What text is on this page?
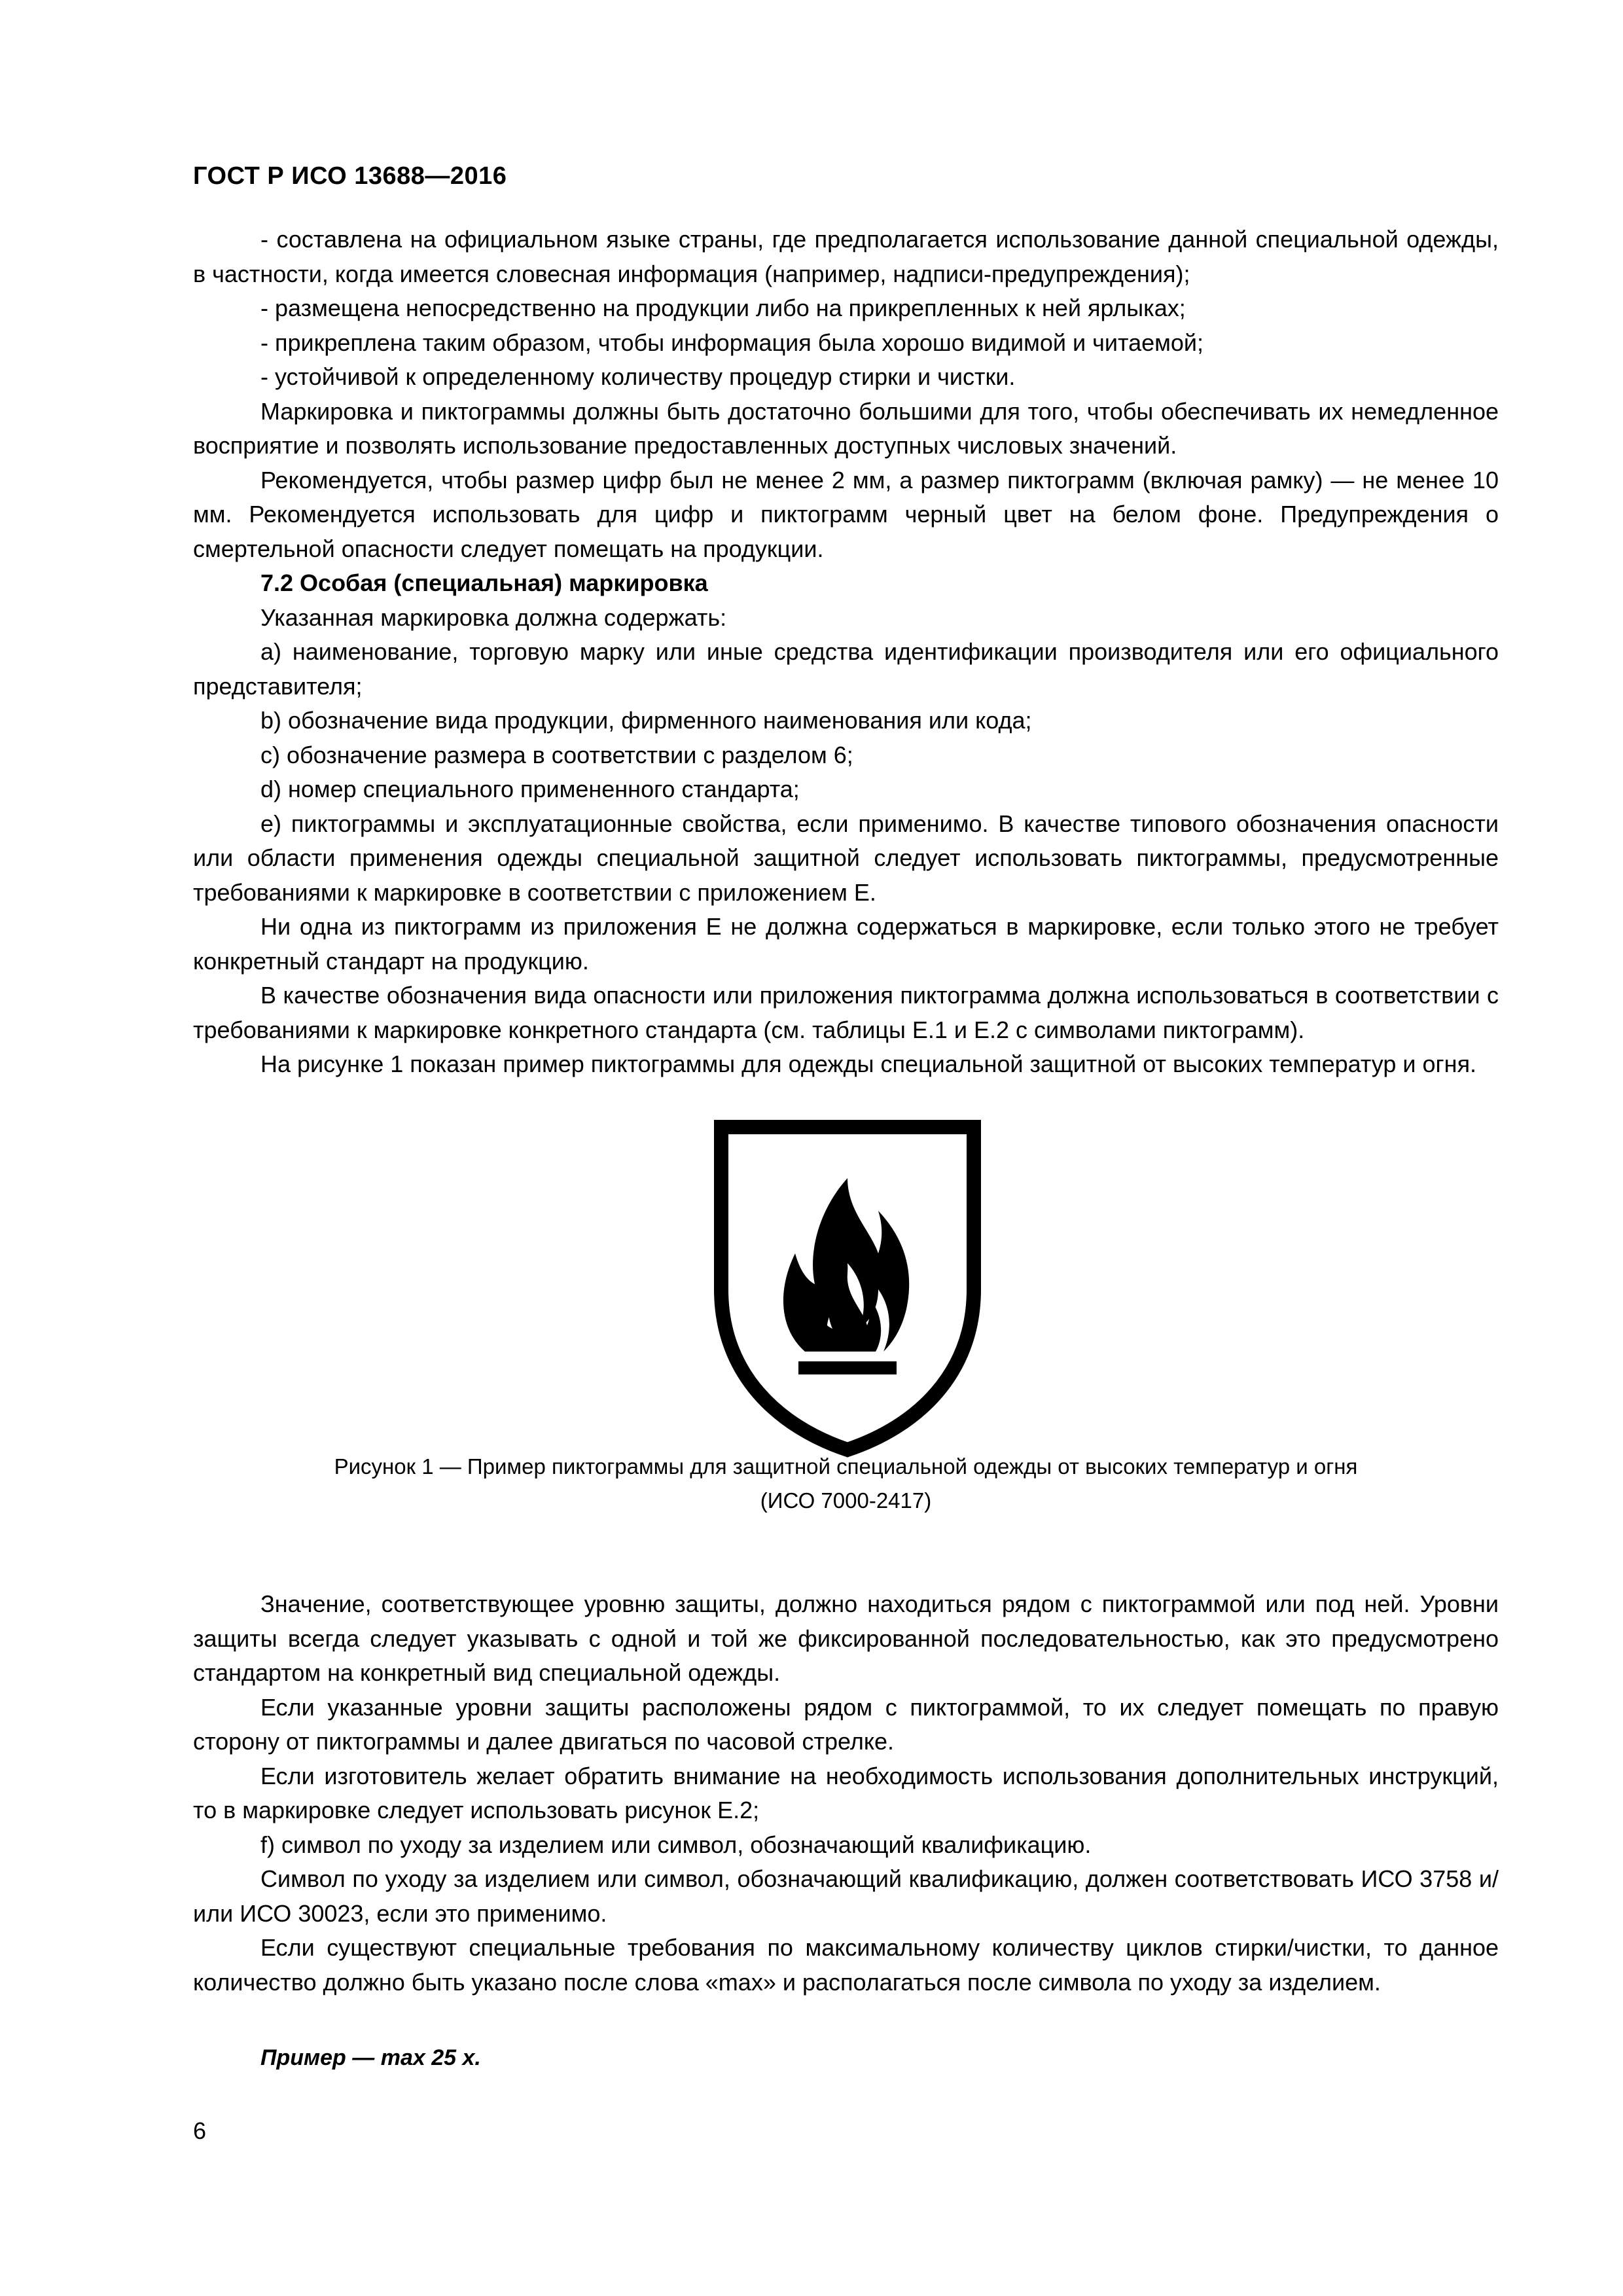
ГОСТ Р ИСО 13688—2016

- составлена на официальном языке страны, где предполагается использование данной специальной одежды, в частности, когда имеется словесная информация (например, надписи-предупреждения);

- размещена непосредственно на продукции либо на прикрепленных к ней ярлыках;

- прикреплена таким образом, чтобы информация была хорошо видимой и читаемой;

- устойчивой к определенному количеству процедур стирки и чистки.

Маркировка и пиктограммы должны быть достаточно большими для того, чтобы обеспечивать их немедленное восприятие и позволять использование предоставленных доступных числовых значений.

Рекомендуется, чтобы размер цифр был не менее 2 мм, а размер пиктограмм (включая рамку) — не менее 10 мм. Рекомендуется использовать для цифр и пиктограмм черный цвет на белом фоне. Предупреждения о смертельной опасности следует помещать на продукции.

7.2 Особая (специальная) маркировка

Указанная маркировка должна содержать:

a) наименование, торговую марку или иные средства идентификации производителя или его официального представителя;

b) обозначение вида продукции, фирменного наименования или кода;

c) обозначение размера в соответствии с разделом 6;

d) номер специального примененного стандарта;

e) пиктограммы и эксплуатационные свойства, если применимо. В качестве типового обозначения опасности или области применения одежды специальной защитной следует использовать пиктограммы, предусмотренные требованиями к маркировке в соответствии с приложением Е.

Ни одна из пиктограмм из приложения Е не должна содержаться в маркировке, если только этого не требует конкретный стандарт на продукцию.

В качестве обозначения вида опасности или приложения пиктограмма должна использоваться в соответствии с требованиями к маркировке конкретного стандарта (см. таблицы Е.1 и Е.2 с символами пиктограмм).

На рисунке 1 показан пример пиктограммы для одежды специальной защитной от высоких температур и огня.

Рисунок 1 — Пример пиктограммы для защитной специальной одежды от высоких температур и огня
(ИСО 7000-2417)

Значение, соответствующее уровню защиты, должно находиться рядом с пиктограммой или под ней. Уровни защиты всегда следует указывать с одной и той же фиксированной последовательностью, как это предусмотрено стандартом на конкретный вид специальной одежды.

Если указанные уровни защиты расположены рядом с пиктограммой, то их следует помещать по правую сторону от пиктограммы и далее двигаться по часовой стрелке.

Если изготовитель желает обратить внимание на необходимость использования дополнительных инструкций, то в маркировке следует использовать рисунок Е.2;

f) символ по уходу за изделием или символ, обозначающий квалификацию.

Символ по уходу за изделием или символ, обозначающий квалификацию, должен соответствовать ИСО 3758 и/или ИСО 30023, если это применимо.

Если существуют специальные требования по максимальному количеству циклов стирки/чистки, то данное количество должно быть указано после слова «max» и располагаться после символа по уходу за изделием.

Пример — max 25 x.
6
